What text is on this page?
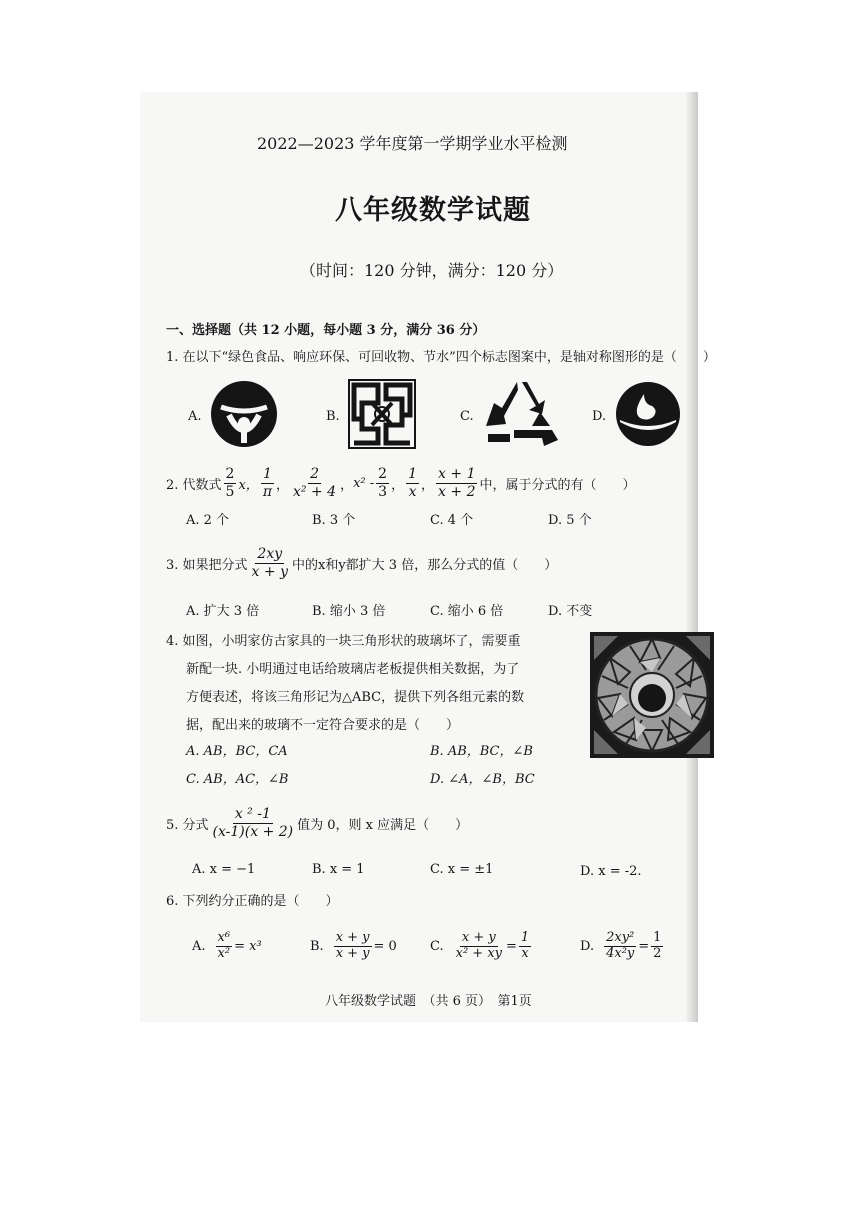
2022—2023 学年度第一学期学业水平检测
八年级数学试题
（时间：120 分钟，满分：120 分）
一、选择题（共 12 小题，每小题 3 分，满分 36 分）
1. 在以下“绿色食品、响应环保、可回收物、节水”四个标志图案中，是轴对称图形的是（　　）
A.	B.	C.	D.
2. 代数式 $\frac{2}{5}$ x， $\frac{1}{\pi}$ ， $\frac{2}{\text{x² + 4}}$ ， $x^2 - \frac{2}{3}$ ， $\frac{1}{x}$ ， $\frac{x + 1}{x + 2}$ 中，属于分式的有（　　）
A. 2 个	B. 3 个	C. 4 个	D. 5 个
3. 如果把分式 $\frac{2xy}{x + y}$ 中的x和y都扩大 3 倍，那么分式的值（　　）
A. 扩大 3 倍	B. 缩小 3 倍	C. 缩小 6 倍	D. 不变
4. 如图，小明家仿古家具的一块三角形状的玻璃坏了，需要重
新配一块. 小明通过电话给玻璃店老板提供相关数据，为了
方便表述，将该三角形记为△ABC，提供下列各组元素的数
据，配出来的玻璃不一定符合要求的是（　　）
A. AB，BC，CA	B. AB，BC，∠B
C. AB，AC，∠B	D. ∠A，∠B，BC
5. 分式 $\frac{\text{x ² -1}}{(x-1)(x + 2)}$ 值为 0，则 x 应满足（　　）
A. x = −1	B. x = 1	C. x = ±1	D. x = -2.
6. 下列约分正确的是（　　）
A. $\frac{\text{x⁶}}{\text{x²}} = x^3$	B. $\frac{x + y}{x + y} = 0$	C. $\frac{x + y}{\text{x² + xy}} = \frac{1}{x}$	D. $\frac{\text{2xy²}}{\text{4x²y}} = \frac{1}{2}$
八年级数学试题　（共 6 页）　第1页
